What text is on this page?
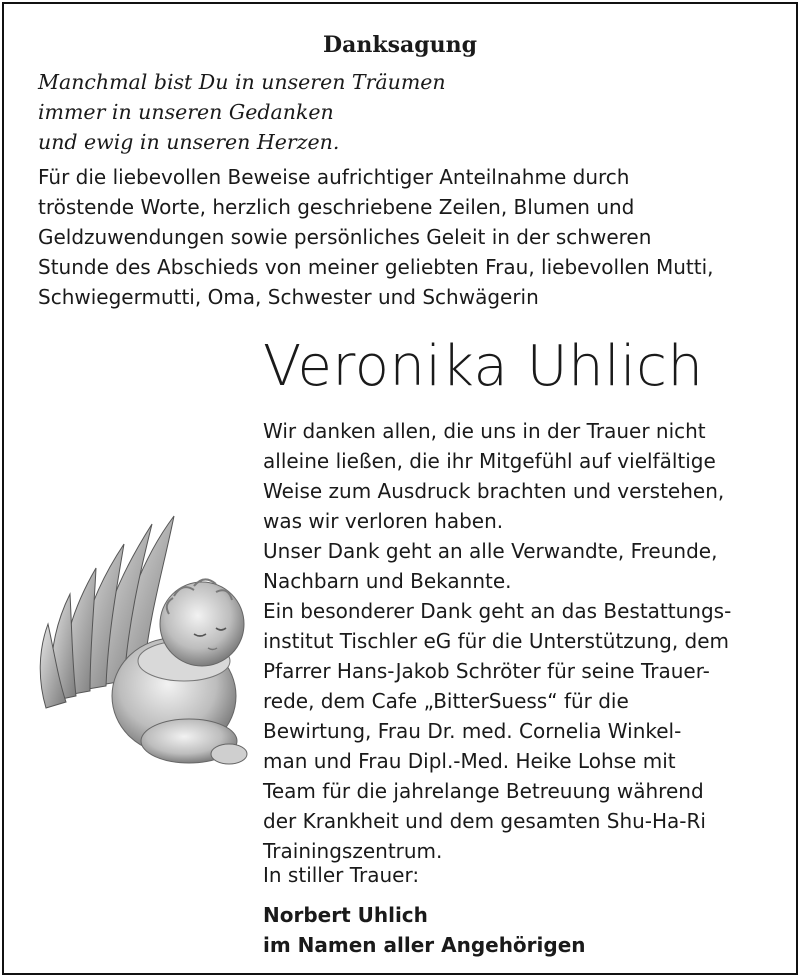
Danksagung
Manchmal bist Du in unseren Träumen
immer in unseren Gedanken
und ewig in unseren Herzen.
Für die liebevollen Beweise aufrichtiger Anteilnahme durch
tröstende Worte, herzlich geschriebene Zeilen, Blumen und
Geldzuwendungen sowie persönliches Geleit in der schweren
Stunde des Abschieds von meiner geliebten Frau, liebevollen Mutti,
Schwiegermutti, Oma, Schwester und Schwägerin
Veronika Uhlich
Wir danken allen, die uns in der Trauer nicht
alleine ließen, die ihr Mitgefühl auf vielfältige
Weise zum Ausdruck brachten und verstehen,
was wir verloren haben.
Unser Dank geht an alle Verwandte, Freunde,
Nachbarn und Bekannte.
Ein besonderer Dank geht an das Bestattungs-
institut Tischler eG für die Unterstützung, dem
Pfarrer Hans-Jakob Schröter für seine Trauer-
rede, dem Cafe „BitterSuess“ für die
Bewirtung, Frau Dr. med. Cornelia Winkel-
man und Frau Dipl.-Med. Heike Lohse mit
Team für die jahrelange Betreuung während
der Krankheit und dem gesamten Shu-Ha-Ri
Trainingszentrum.
In stiller Trauer:
Norbert Uhlich
im Namen aller Angehörigen
